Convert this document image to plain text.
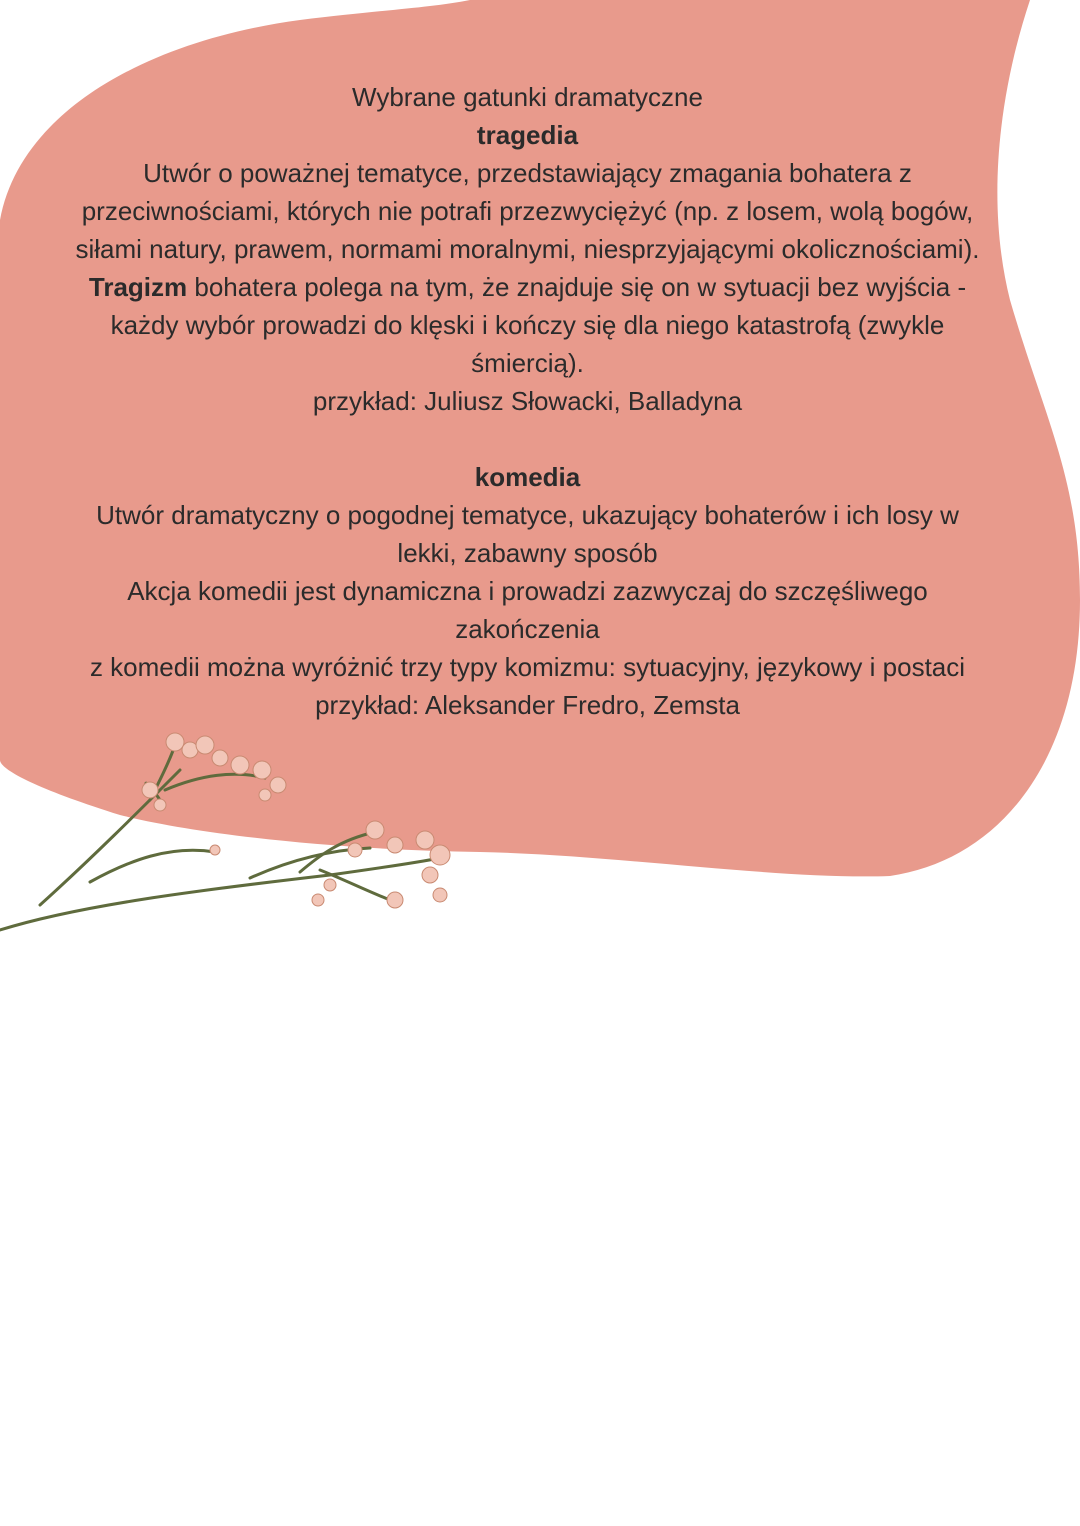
Wybrane gatunki dramatyczne

tragedia

Utwór o poważnej tematyce, przedstawiający zmagania bohatera z

przeciwnościami, których nie potrafi przezwyciężyć (np. z losem, wolą bogów,

siłami natury, prawem, normami moralnymi, niesprzyjającymi okolicznościami).

Tragizm bohatera polega na tym, że znajduje się on w sytuacji bez wyjścia -

każdy wybór prowadzi do klęski i kończy się dla niego katastrofą (zwykle

śmiercią).

przykład: Juliusz Słowacki, Balladyna

komedia

Utwór dramatyczny o pogodnej tematyce, ukazujący bohaterów i ich losy w

lekki, zabawny sposób

Akcja komedii jest dynamiczna i prowadzi zazwyczaj do szczęśliwego

zakończenia

z komedii można wyróżnić trzy typy komizmu: sytuacyjny, językowy i postaci

przykład: Aleksander Fredro, Zemsta
